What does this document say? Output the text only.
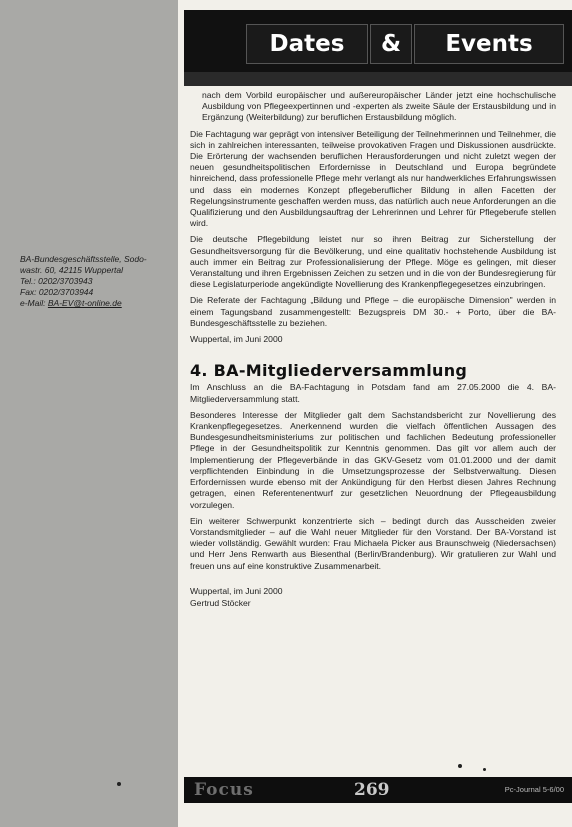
Dates	&	Events
BA-Bundesgeschäftsstelle, Sodo-
wastr. 60, 42115 Wuppertal
Tel.: 0202/3703943
Fax: 0202/3703944
e-Mail: BA-EV@t-online.de

nach dem Vorbild europäischer und außereuropäischer Länder jetzt eine hochschulische Ausbildung von Pflegeexpertinnen und -experten als zweite Säule der Erstausbildung und in Ergänzung (Weiterbildung) zur beruflichen Erstausbildung möglich.

Die Fachtagung war geprägt von intensiver Beteiligung der Teilnehmerinnen und Teilnehmer, die sich in zahlreichen interessanten, teilweise provokativen Fragen und Diskussionen ausdrückte. Die Erörterung der wachsenden beruflichen Herausforderungen und nicht zuletzt wegen der neuen gesundheitspolitischen Erfordernisse in Deutschland und Europa begründete hinreichend, dass professionelle Pflege mehr verlangt als nur handwerkliches Erfahrungswissen und dass ein modernes Konzept pflegeberuflicher Bildung in allen Facetten der Regelungsinstrumente geschaffen werden muss, das natürlich auch neue Anforderungen an die Qualifizierung und den Ausbildungsauftrag der Lehrerinnen und Lehrer für Pflegeberufe stellen wird.

Die deutsche Pflegebildung leistet nur so ihren Beitrag zur Sicherstellung der Gesundheitsversorgung für die Bevölkerung, und eine qualitativ hochstehende Ausbildung ist auch immer ein Beitrag zur Professionalisierung der Pflege. Möge es gelingen, mit dieser Veranstaltung und ihren Ergebnissen Zeichen zu setzen und in die von der Bundesregierung für diese Legislaturperiode angekündigte Novellierung des Krankenpflegegesetzes einzubringen.

Die Referate der Fachtagung „Bildung und Pflege – die europäische Dimension" werden in einem Tagungsband zusammengestellt: Bezugspreis DM 30.- + Porto, über die BA-Bundesgeschäftsstelle zu beziehen.

Wuppertal, im Juni 2000

4. BA-Mitgliederversammlung

Im Anschluss an die BA-Fachtagung in Potsdam fand am 27.05.2000 die 4. BA-Mitgliederversammlung statt.

Besonderes Interesse der Mitglieder galt dem Sachstandsbericht zur Novellierung des Krankenpflegegesetzes. Anerkennend wurden die vielfach öffentlichen Aussagen des Bundesgesundheitsministeriums zur politischen und fachlichen Bedeutung professioneller Pflege in der Gesundheitspolitik zur Kenntnis genommen. Das gilt vor allem auch der Implementierung der Pflegeverbände in das GKV-Gesetz vom 01.01.2000 und der damit verpflichtenden Einbindung in die Umsetzungsprozesse der Selbstverwaltung. Diesen Erfordernissen wurde ebenso mit der Ankündigung für den Herbst diesen Jahres Rechnung getragen, einen Referentenentwurf zur gesetzlichen Neuordnung der Pflegeausbildung vorzulegen.

Ein weiterer Schwerpunkt konzentrierte sich – bedingt durch das Ausscheiden zweier Vorstandsmitglieder – auf die Wahl neuer Mitglieder für den Vorstand. Der BA-Vorstand ist wieder vollständig. Gewählt wurden: Frau Michaela Picker aus Braunschweig (Niedersachsen) und Herr Jens Renwarth aus Biesenthal (Berlin/Brandenburg). Wir gratulieren zur Wahl und freuen uns auf eine konstruktive Zusammenarbeit.

Wuppertal, im Juni 2000

Gertrud Stöcker

Focus	269	Pc-Journal 5-6/00
